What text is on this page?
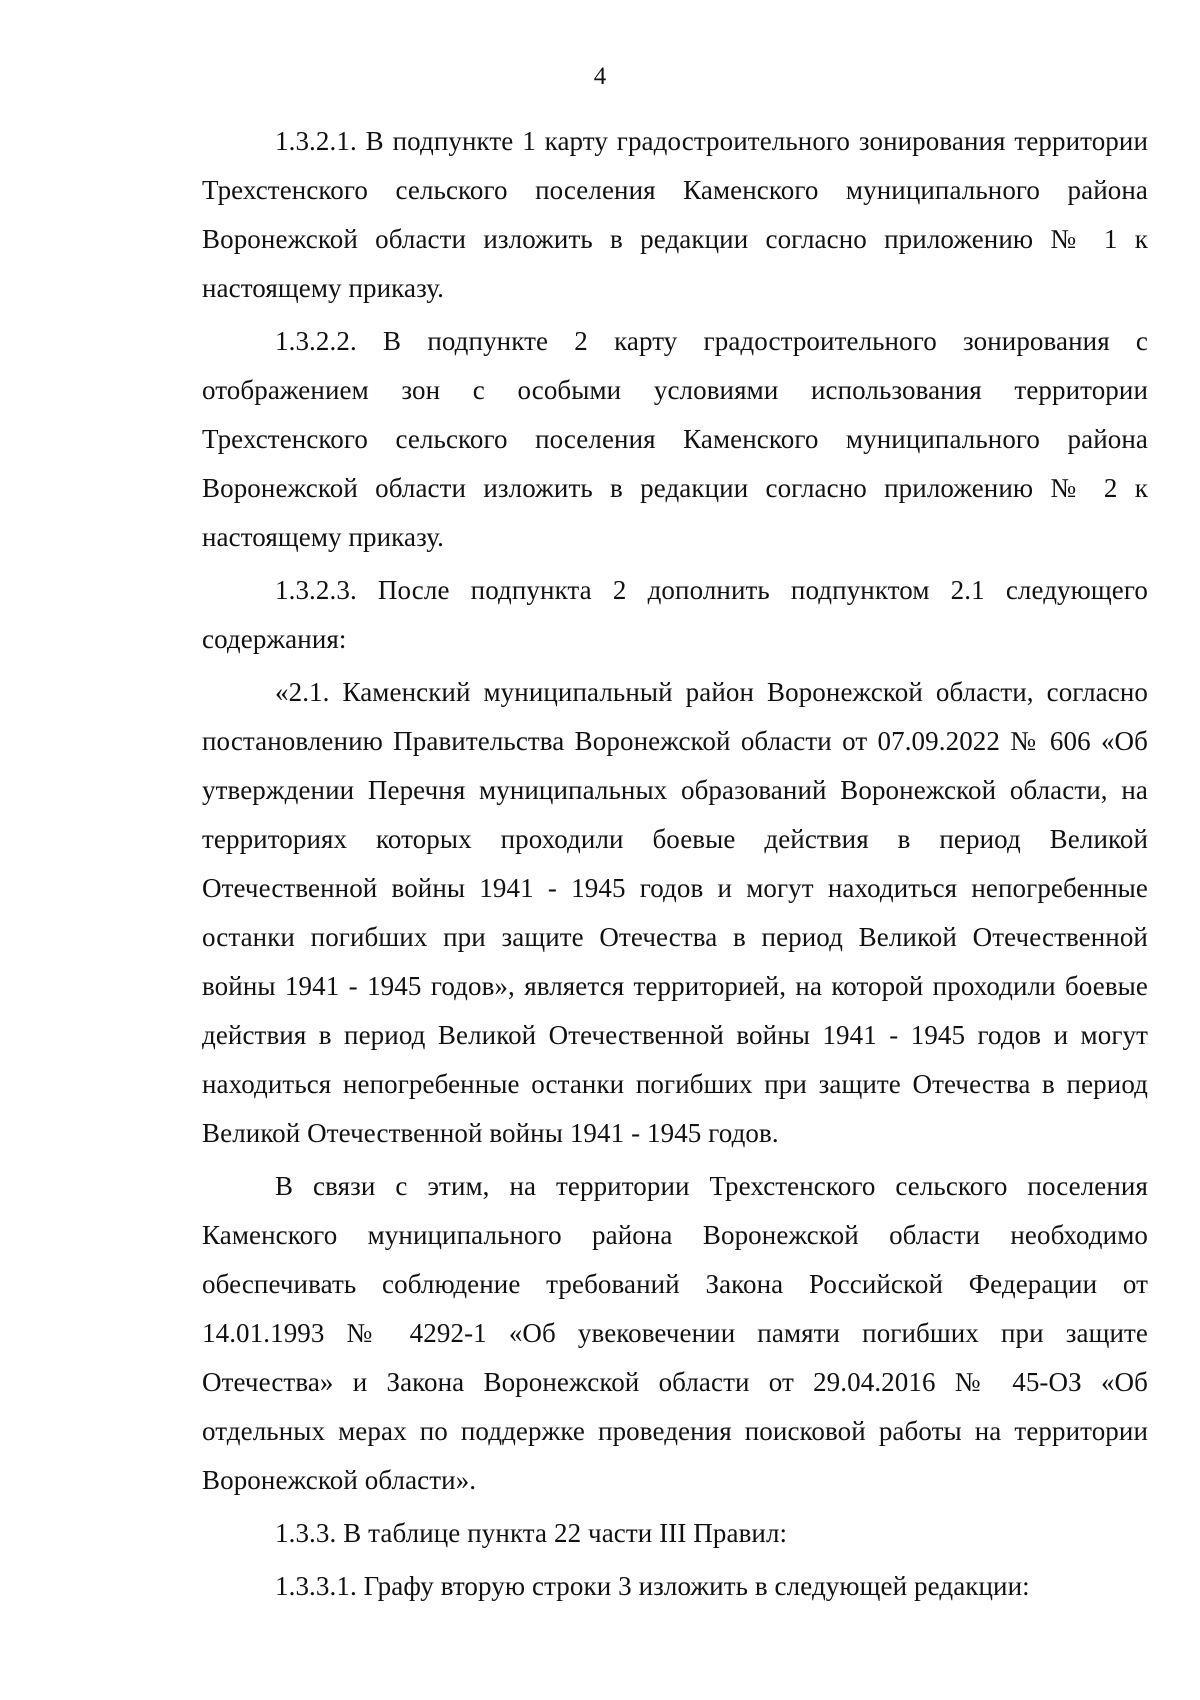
4

1.3.2.1. В подпункте 1 карту градостроительного зонирования территории Трехстенского сельского поселения Каменского муниципального района Воронежской области изложить в редакции согласно приложению № 1 к настоящему приказу.

1.3.2.2. В подпункте 2 карту градостроительного зонирования с отображением зон с особыми условиями использования территории Трехстенского сельского поселения Каменского муниципального района Воронежской области изложить в редакции согласно приложению № 2 к настоящему приказу.

1.3.2.3. После подпункта 2 дополнить подпунктом 2.1 следующего содержания:

«2.1. Каменский муниципальный район Воронежской области, согласно постановлению Правительства Воронежской области от 07.09.2022 № 606 «Об утверждении Перечня муниципальных образований Воронежской области, на территориях которых проходили боевые действия в период Великой Отечественной войны 1941 - 1945 годов и могут находиться непогребенные останки погибших при защите Отечества в период Великой Отечественной войны 1941 - 1945 годов», является территорией, на которой проходили боевые действия в период Великой Отечественной войны 1941 - 1945 годов и могут находиться непогребенные останки погибших при защите Отечества в период Великой Отечественной войны 1941 - 1945 годов.

В связи с этим, на территории Трехстенского сельского поселения Каменского муниципального района Воронежской области необходимо обеспечивать соблюдение требований Закона Российской Федерации от 14.01.1993 № 4292-1 «Об увековечении памяти погибших при защите Отечества» и Закона Воронежской области от 29.04.2016 № 45-ОЗ «Об отдельных мерах по поддержке проведения поисковой работы на территории Воронежской области».

1.3.3. В таблице пункта 22 части III Правил:

1.3.3.1. Графу вторую строки 3 изложить в следующей редакции:
